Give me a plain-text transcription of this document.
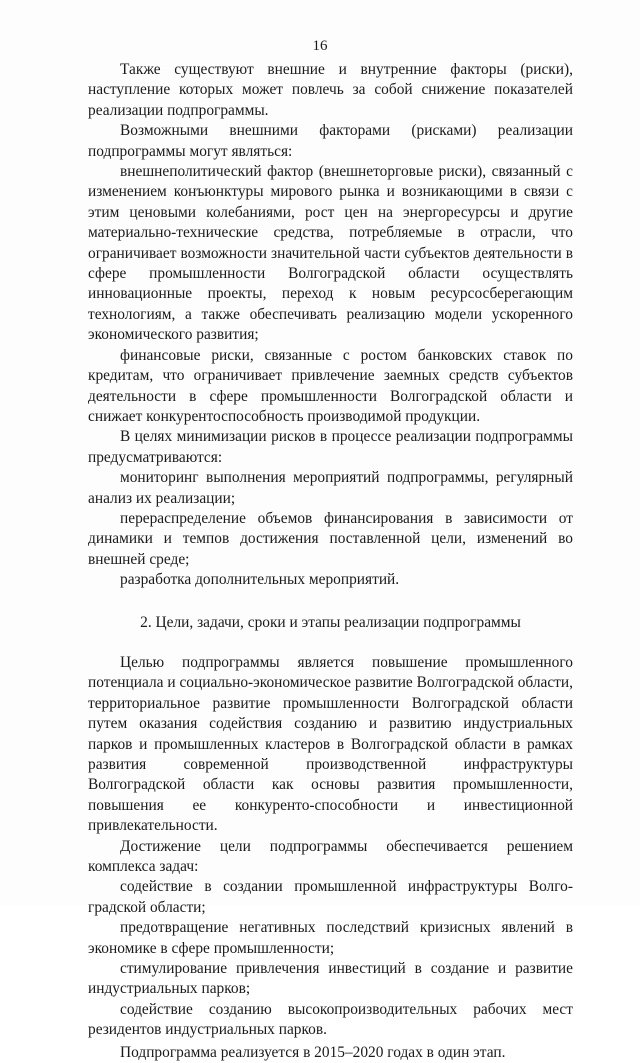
16

Также существуют внешние и внутренние факторы (риски), наступление которых может повлечь за собой снижение показателей реализации подпрограммы.

Возможными внешними факторами (рисками) реализации подпрограммы могут являться:

внешнеполитический фактор (внешнеторговые риски), связанный с изменением конъюнктуры мирового рынка и возникающими в связи с этим ценовыми колебаниями, рост цен на энергоресурсы и другие материально-технические средства, потребляемые в отрасли, что ограничивает возможности значительной части субъектов деятельности в сфере промышленности Волгоградской области осуществлять инновационные проекты, переход к новым ресурсосберегающим технологиям, а также обеспечивать реализацию модели ускоренного экономического развития;

финансовые риски, связанные с ростом банковских ставок по кредитам, что ограничивает привлечение заемных средств субъектов деятельности в сфере промышленности Волгоградской области и снижает конкурентоспособность производимой продукции.

В целях минимизации рисков в процессе реализации подпрограммы предусматриваются:

мониторинг выполнения мероприятий подпрограммы, регулярный анализ их реализации;

перераспределение объемов финансирования в зависимости от динамики и темпов достижения поставленной цели, изменений во внешней среде;

разработка дополнительных мероприятий.

2. Цели, задачи, сроки и этапы реализации подпрограммы

Целью подпрограммы является повышение промышленного потенциала и социально-экономическое развитие Волгоградской области, территориальное развитие промышленности Волгоградской области путем оказания содействия созданию и развитию индустриальных парков и промышленных кластеров в Волгоградской области в рамках развития современной производственной инфраструктуры Волгоградской области как основы развития промышленности, повышения ее конкуренто-способности и инвестиционной привлекательности.

Достижение цели подпрограммы обеспечивается решением комплекса задач:

содействие в создании промышленной инфраструктуры Волго-градской области;

предотвращение негативных последствий кризисных явлений в экономике в сфере промышленности;

стимулирование привлечения инвестиций в создание и развитие индустриальных парков;

содействие созданию высокопроизводительных рабочих мест резидентов индустриальных парков.

Подпрограмма реализуется в 2015–2020 годах в один этап.
